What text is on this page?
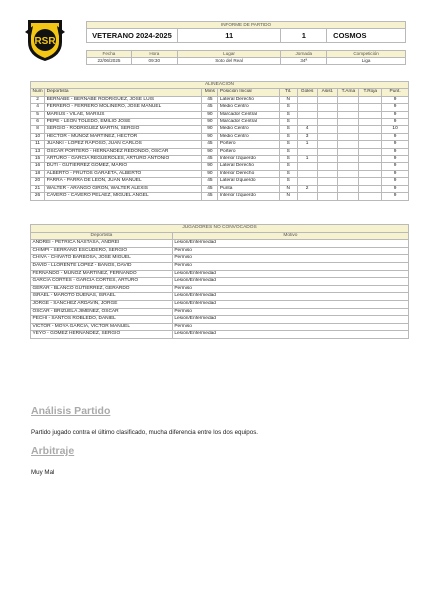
RSR
INFORME DE PARTIDO
VETERANO 2024-2025	11	1	COSMOS
Fecha	Hora	Lugar	Jornada	Competición
22/06/2025	09:30	Soto del Real	34ª	Liga
ALINEACIÓN									
Num	Deportista	Mins	Posición Inicial	Tit.	Goles	Asist.	T.Ama	T.Roja	Punt.
2	BERNABE - BERNABE RODRIGUEZ, JOSE LUIS	45	Lateral Derecho	N					9
4	FERRERO - FERRERO MOLINERO, JOSE MANUEL	45	Medio Centro	S					9
5	MARIUS - VILAE, MARIUS	90	Marcador Central	S					9
6	PEPE - LEÓN TOLEDO, EMILIO JOSE	90	Marcador Central	S					9
8	SERGIO - RODRIGUEZ MARTIN, SERGIO	90	Medio Centro	S	4				10
10	HECTOR - MUÑOZ MARTINEZ, HECTOR	90	Medio Centro	S	3				9
11	JUANKI - LOPEZ RAPOSO, JUAN CARLOS	45	Portero	S	1				9
13	OSCAR PORTERO - HERNANDEZ REDONDO, OSCAR	90	Portero	S					9
15	ARTURO - GARCIA REGUEROLES, ARTURO ANTONIO	45	Interior Izquierdo	S	1				9
16	DUTI - GUTIERREZ GOMEZ, MARIO	90	Lateral Derecho	S					9
18	ALBERTO - FRUTOS GARAETA, ALBERTO	90	Interior Derecho	S					9
20	PARRA - PARRA DE LEON, JUAN MANUEL	45	Lateral Izquierdo	S					9
21	WALTER - ARANGO GIRON, WALTER ALEXIS	45	Punta	N	2				9
26	CAVERO - CAVERO PELAEZ, MIGUEL ANGEL	45	Interior Izquierdo	N					9
JUGADORES NO CONVOCADOS	
Deportista	Motivo
ANDREI - PETRICA NASTASA, ANDREI	Lesión/Enfermedad
CHIMPI - SERRANO ESCUDERO, SERGIO	Permiso
CHIVA - CHIVATO BARBOSA, JOSE MIGUEL	Permiso
DAVID - LLORENTE LOPEZ - BAÑOS, DAVID	Permiso
FERNANDO - MUÑOZ MARTINEZ, FERNANDO	Lesión/Enfermedad
GARCIA CORTES - GARCIA CORTES, ARTURO	Lesión/Enfermedad
GERAR - BLANCO GUTIERREZ, GERARDO	Permiso
ISRAEL - MAROTO DUEÑAS, ISRAEL	Lesión/Enfermedad
JORGE - SANCHEZ ARDAVIN, JORGE	Lesión/Enfermedad
OSCAR - BRIZUELA JIMENEZ, OSCAR	Permiso
PECHI - SANTOS ROBLEDO, DANIEL	Lesión/Enfermedad
VICTOR - MOYA GARCIA, VICTOR MANUEL	Permiso
YEYO - GOMEZ HERNANDEZ, SERGIO	Lesión/Enfermedad
Análisis Partido
Partido jugado contra el último clasificado, mucha diferencia entre los dos equipos.
Arbitraje
Muy Mal
